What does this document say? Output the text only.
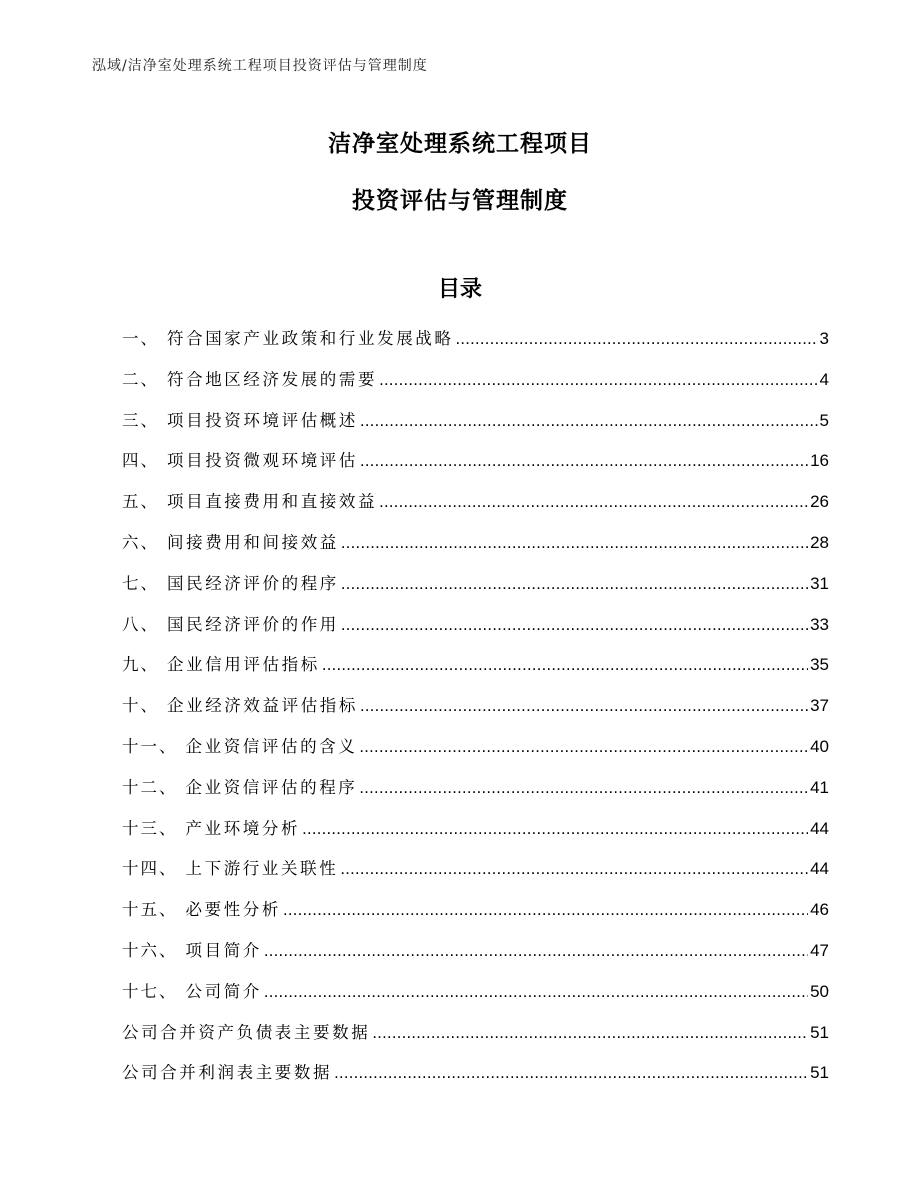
泓域/洁净室处理系统工程项目投资评估与管理制度
洁净室处理系统工程项目
投资评估与管理制度
目录
一、 符合国家产业政策和行业发展战略 .....	3
二、 符合地区经济发展的需要 .....	4
三、 项目投资环境评估概述 .....	5
四、 项目投资微观环境评估 .....	16
五、 项目直接费用和直接效益 .....	26
六、 间接费用和间接效益 .....	28
七、 国民经济评价的程序 .....	31
八、 国民经济评价的作用 .....	33
九、 企业信用评估指标 .....	35
十、 企业经济效益评估指标 .....	37
十一、 企业资信评估的含义 .....	40
十二、 企业资信评估的程序 .....	41
十三、 产业环境分析 .....	44
十四、 上下游行业关联性 .....	44
十五、 必要性分析 .....	46
十六、 项目简介 .....	47
十七、 公司简介 .....	50
公司合并资产负债表主要数据 .....	51
公司合并利润表主要数据 .....	51
